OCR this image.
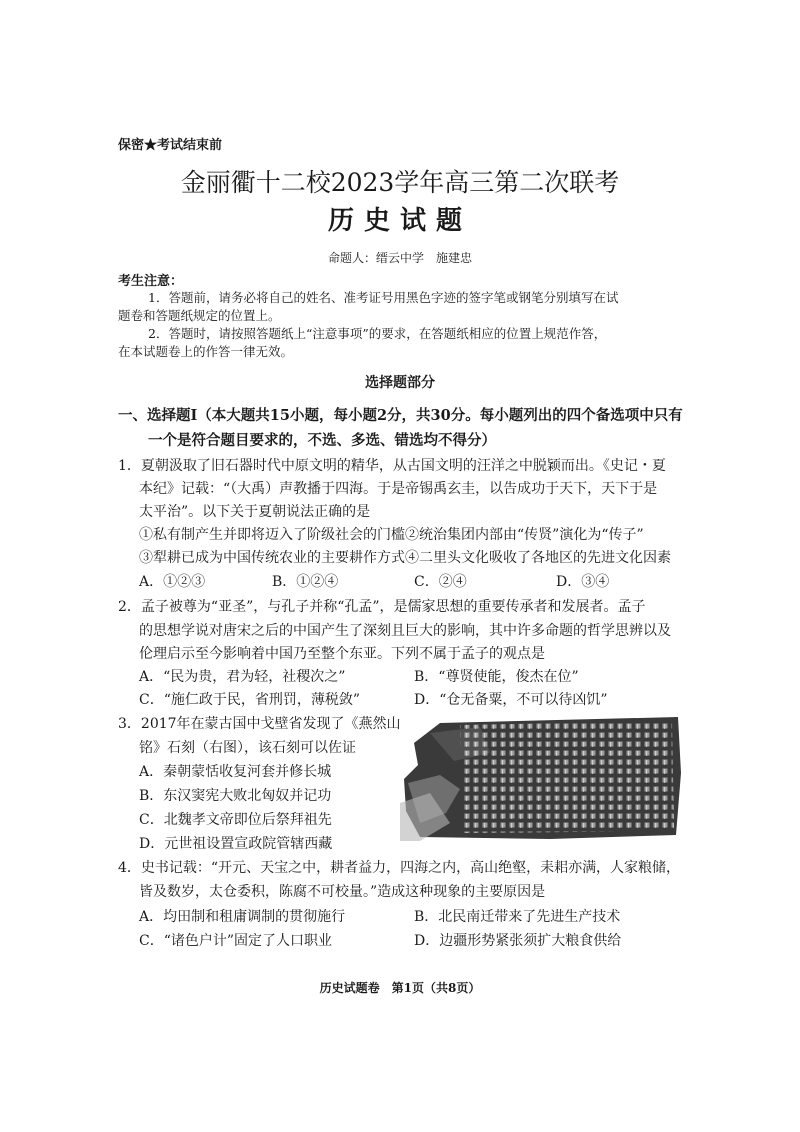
保密★考试结束前
金丽衢十二校2023学年高三第二次联考
历史试题
命题人：缙云中学　施建忠
考生注意：
1．答题前，请务必将自己的姓名、准考证号用黑色字迹的签字笔或钢笔分别填写在试
题卷和答题纸规定的位置上。
2．答题时，请按照答题纸上“注意事项”的要求，在答题纸相应的位置上规范作答，
在本试题卷上的作答一律无效。
选择题部分
一、选择题Ⅰ（本大题共15小题，每小题2分，共30分。每小题列出的四个备选项中只有
一个是符合题目要求的，不选、多选、错选均不得分）
1．夏朝汲取了旧石器时代中原文明的精华，从古国文明的汪洋之中脱颖而出。《史记・夏
本纪》记载：“（大禹）声教播于四海。于是帝锡禹玄圭，以告成功于天下，天下于是
太平治”。以下关于夏朝说法正确的是
①私有制产生并即将迈入了阶级社会的门槛②统治集团内部由“传贤”演化为“传子”
③犁耕已成为中国传统农业的主要耕作方式④二里头文化吸收了各地区的先进文化因素
A．①②③	B．①②④	C．②④	D．③④
2．孟子被尊为“亚圣”，与孔子并称“孔孟”，是儒家思想的重要传承者和发展者。孟子
的思想学说对唐宋之后的中国产生了深刻且巨大的影响，其中许多命题的哲学思辨以及
伦理启示至今影响着中国乃至整个东亚。下列不属于孟子的观点是
A．“民为贵，君为轻，社稷次之”	B．“尊贤使能，俊杰在位”
C．“施仁政于民，省刑罚，薄税敛”	D．“仓无备粟，不可以待凶饥”
3．2017年在蒙古国中戈壁省发现了《燕然山
铭》石刻（右图），该石刻可以佐证
A．秦朝蒙恬收复河套并修长城
B．东汉窦宪大败北匈奴并记功
C．北魏孝文帝即位后祭拜祖先
D．元世祖设置宣政院管辖西藏
4．史书记载：“开元、天宝之中，耕者益力，四海之内，高山绝壑，耒耜亦满，人家粮储，
皆及数岁，太仓委积，陈腐不可校量。”造成这种现象的主要原因是
A．均田制和租庸调制的贯彻施行	B．北民南迁带来了先进生产技术
C．“诸色户计”固定了人口职业	D．边疆形势紧张须扩大粮食供给
历史试题卷　第1页（共8页）
